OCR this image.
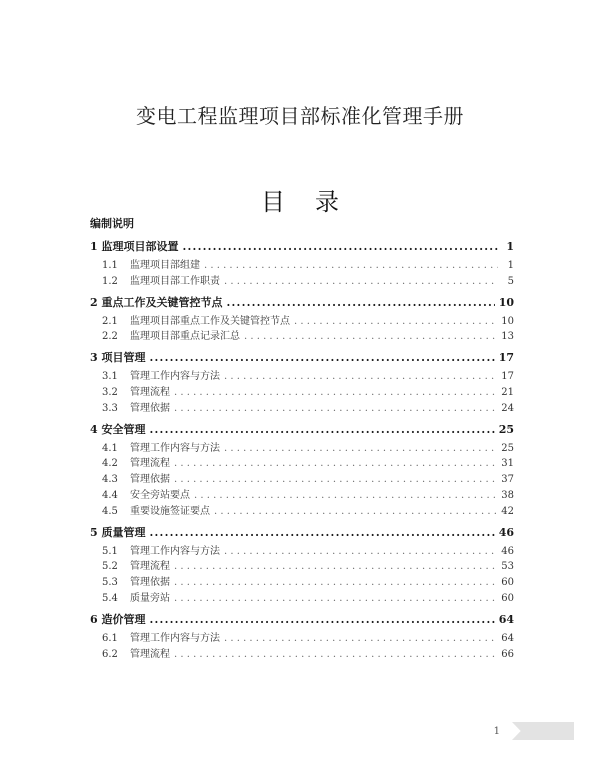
变电工程监理项目部标准化管理手册
目 录
编制说明
1 监理项目部设置 .....	1
1.1 监理项目部组建 . . .	1
1.2 监理项目部工作职责 . . .	5
2 重点工作及关键管控节点 .....	10
2.1 监理项目部重点工作及关键管控节点 . . .	10
2.2 监理项目部重点记录汇总 . . .	13
3 项目管理 .....	17
3.1 管理工作内容与方法 . . .	17
3.2 管理流程 . . .	21
3.3 管理依据 . . .	24
4 安全管理 .....	25
4.1 管理工作内容与方法 . . .	25
4.2 管理流程 . . .	31
4.3 管理依据 . . .	37
4.4 安全旁站要点 . . .	38
4.5 重要设施签证要点 . . .	42
5 质量管理 .....	46
5.1 管理工作内容与方法 . . .	46
5.2 管理流程 . . .	53
5.3 管理依据 . . .	60
5.4 质量旁站 . . .	60
6 造价管理 .....	64
6.1 管理工作内容与方法 . . .	64
6.2 管理流程 . . .	66
1
